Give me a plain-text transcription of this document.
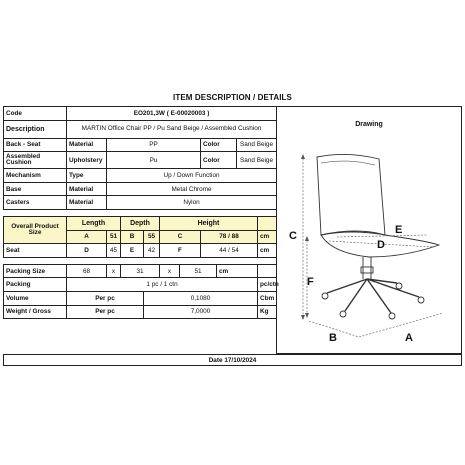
ITEM DESCRIPTION / DETAILS
Code	EO201,3W ( E-00020003 )									
Description	MARTIN Office Chair PP / Pu Sand Beige / Assembled Cushion									
Back - Seat	Material	PP					Color		Sand Beige	
Assembled Cushion	Upholstery	Pu					Color		Sand Beige	
Mechanism	Type	Up / Down Function								
Base	Material	Metal Chrome								
Casters	Material	Nylon								

Overall Product Size	Length		Depth		Height					
	A	51	B	55	C		78 / 88			cm
Seat	D	45	E	42	F		44 / 54			cm

Packing Size	68	x	31		x	51		cm		
Packing	1 pc / 1 ctn									pc/ctn
Volume	Per pc			0,1080						Cbm
Weight / Gross	Per pc			7,0000						Kg
Drawing
C
F
E
D
B	A
Date 17/10/2024
